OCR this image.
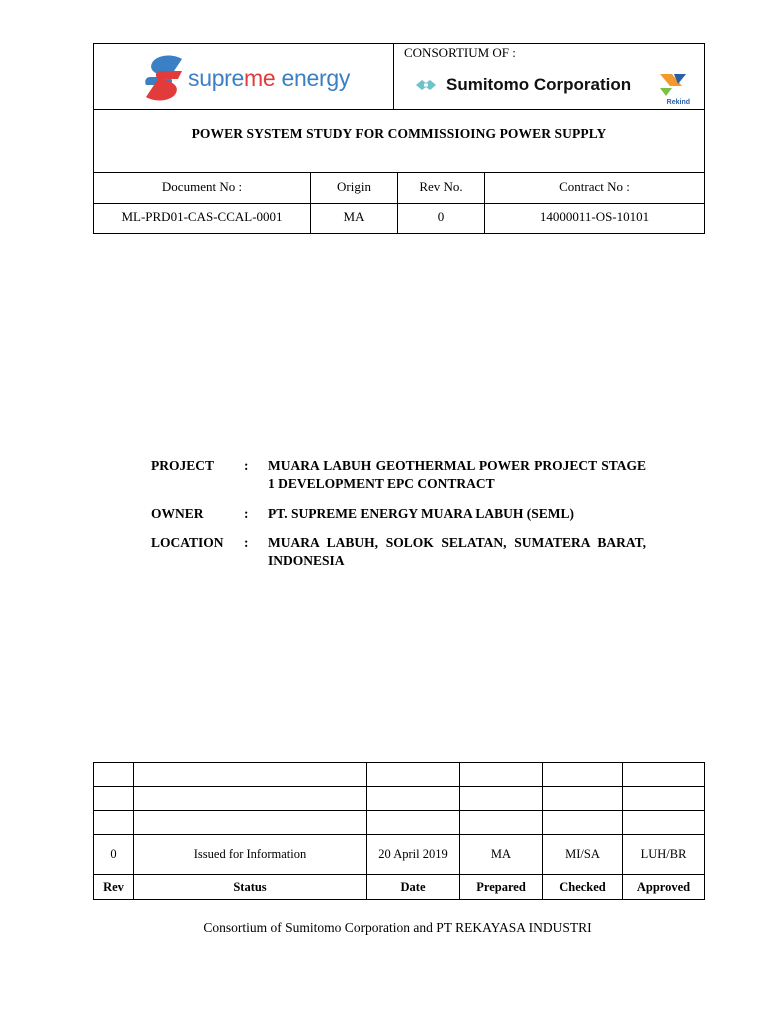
supreme energy
CONSORTIUM OF :
Sumitomo Corporation
Rekind
POWER SYSTEM STUDY FOR COMMISSIOING POWER SUPPLY
Document No :	Origin	Rev No.	Contract No :
ML-PRD01-CAS-CCAL-0001	MA	0	14000011-OS-10101
PROJECT	:	MUARA LABUH GEOTHERMAL POWER PROJECT STAGE 1 DEVELOPMENT EPC CONTRACT
OWNER	:	PT. SUPREME ENERGY MUARA LABUH (SEML)
LOCATION	:	MUARA LABUH, SOLOK SELATAN, SUMATERA BARAT, INDONESIA

0	Issued for Information	20 April 2019	MA	MI/SA	LUH/BR
Rev	Status	Date	Prepared	Checked	Approved
Consortium of Sumitomo Corporation and PT REKAYASA INDUSTRI
